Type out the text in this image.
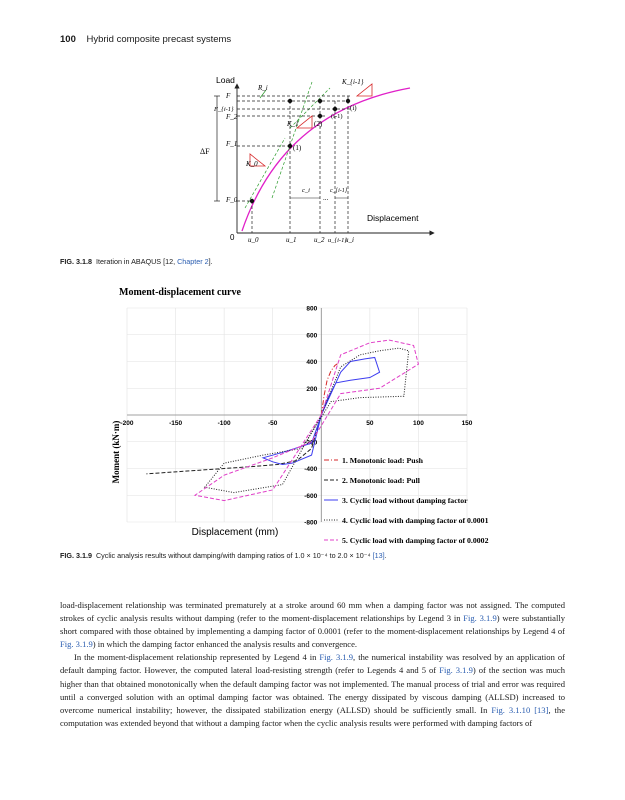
100 Hybrid composite precast systems
Load
Displacement
0
ΔF
F
F_{i-1}
F_2
F_1
F_0
u_0	u_1	u_2 u_{i-1}
u_i
R_i
K_{i-1}
K_1
K_0
(1)
(2)
(i)
(i-1)
c_i	c_{i-1}
...
FIG. 3.1.8 Iteration in ABAQUS [12, Chapter 2].
Moment-displacement curve
-200	-150	-100	-50	50	100	150
800
600
400
200
-200
-400
-600
-800
Moment (kN·m)
Displacement (mm)
1. Monotonic load: Push
2. Monotonic load: Pull
3. Cyclic load without damping factor
4. Cyclic load with damping factor of 0.0001
5. Cyclic load with damping factor of 0.0002
FIG. 3.1.9 Cyclic analysis results without damping/with damping ratios of 1.0 × 10⁻⁴ to 2.0 × 10⁻⁴ [13].

load-displacement relationship was terminated prematurely at a stroke around 60 mm when a damping factor was not assigned. The computed strokes of cyclic analysis results without damping (refer to the moment-displacement relationships by Legend 3 in Fig. 3.1.9) were substantially short compared with those obtained by implementing a damping factor of 0.0001 (refer to the moment-displacement relationships by Legend 4 of Fig. 3.1.9) in which the damping factor enhanced the analysis results and convergence.

In the moment-displacement relationship represented by Legend 4 in Fig. 3.1.9, the numerical instability was resolved by an application of default damping factor. However, the computed lateral load-resisting strength (refer to Legends 4 and 5 of Fig. 3.1.9) of the section was much higher than that obtained monotonically when the default damping factor was not implemented. The manual process of trial and error was required until a converged solution with an optimal damping factor was obtained. The energy dissipated by viscous damping (ALLSD) increased to overcome numerical instability; however, the dissipated stabilization energy (ALLSD) should be sufficiently small. In Fig. 3.1.10 [13], the computation was extended beyond that without a damping factor when the cyclic analysis results were performed with damping factors of
